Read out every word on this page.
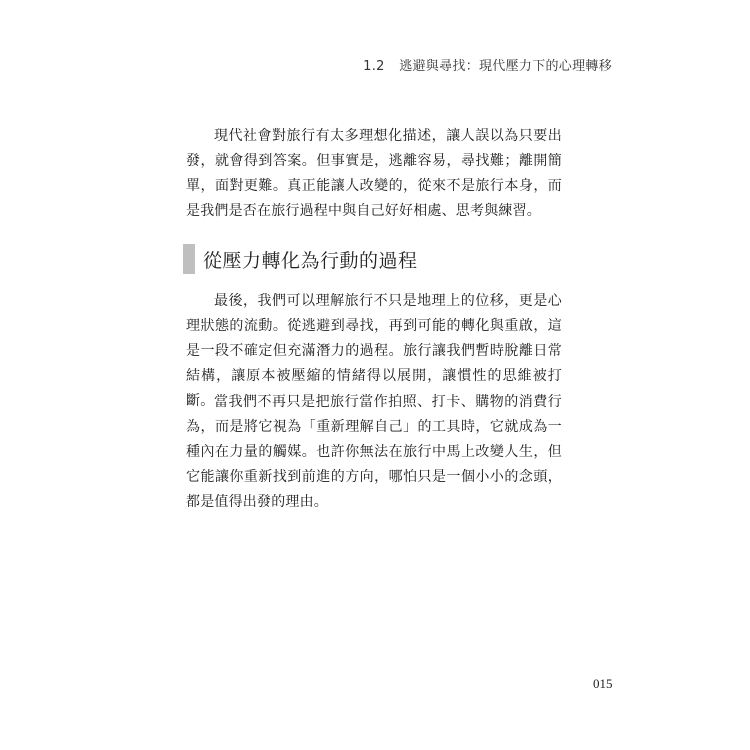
1.2 逃避與尋找：現代壓力下的心理轉移

現代社會對旅行有太多理想化描述，讓人誤以為只要出發，就會得到答案。但事實是，逃離容易，尋找難；離開簡單，面對更難。真正能讓人改變的，從來不是旅行本身，而是我們是否在旅行過程中與自己好好相處、思考與練習。

從壓力轉化為行動的過程

最後，我們可以理解旅行不只是地理上的位移，更是心理狀態的流動。從逃避到尋找，再到可能的轉化與重啟，這是一段不確定但充滿潛力的過程。旅行讓我們暫時脫離日常結構，讓原本被壓縮的情緒得以展開，讓慣性的思維被打斷。 當我們不再只是把旅行當作拍照、打卡、購物的消費行為，而是將它視為「重新理解自己」的工具時，它就成為一種內在力量的觸媒。也許你無法在旅行中馬上改變人生，但它能讓你重新找到前進的方向，哪怕只是一個小小的念頭，都是值得出發的理由。

015
